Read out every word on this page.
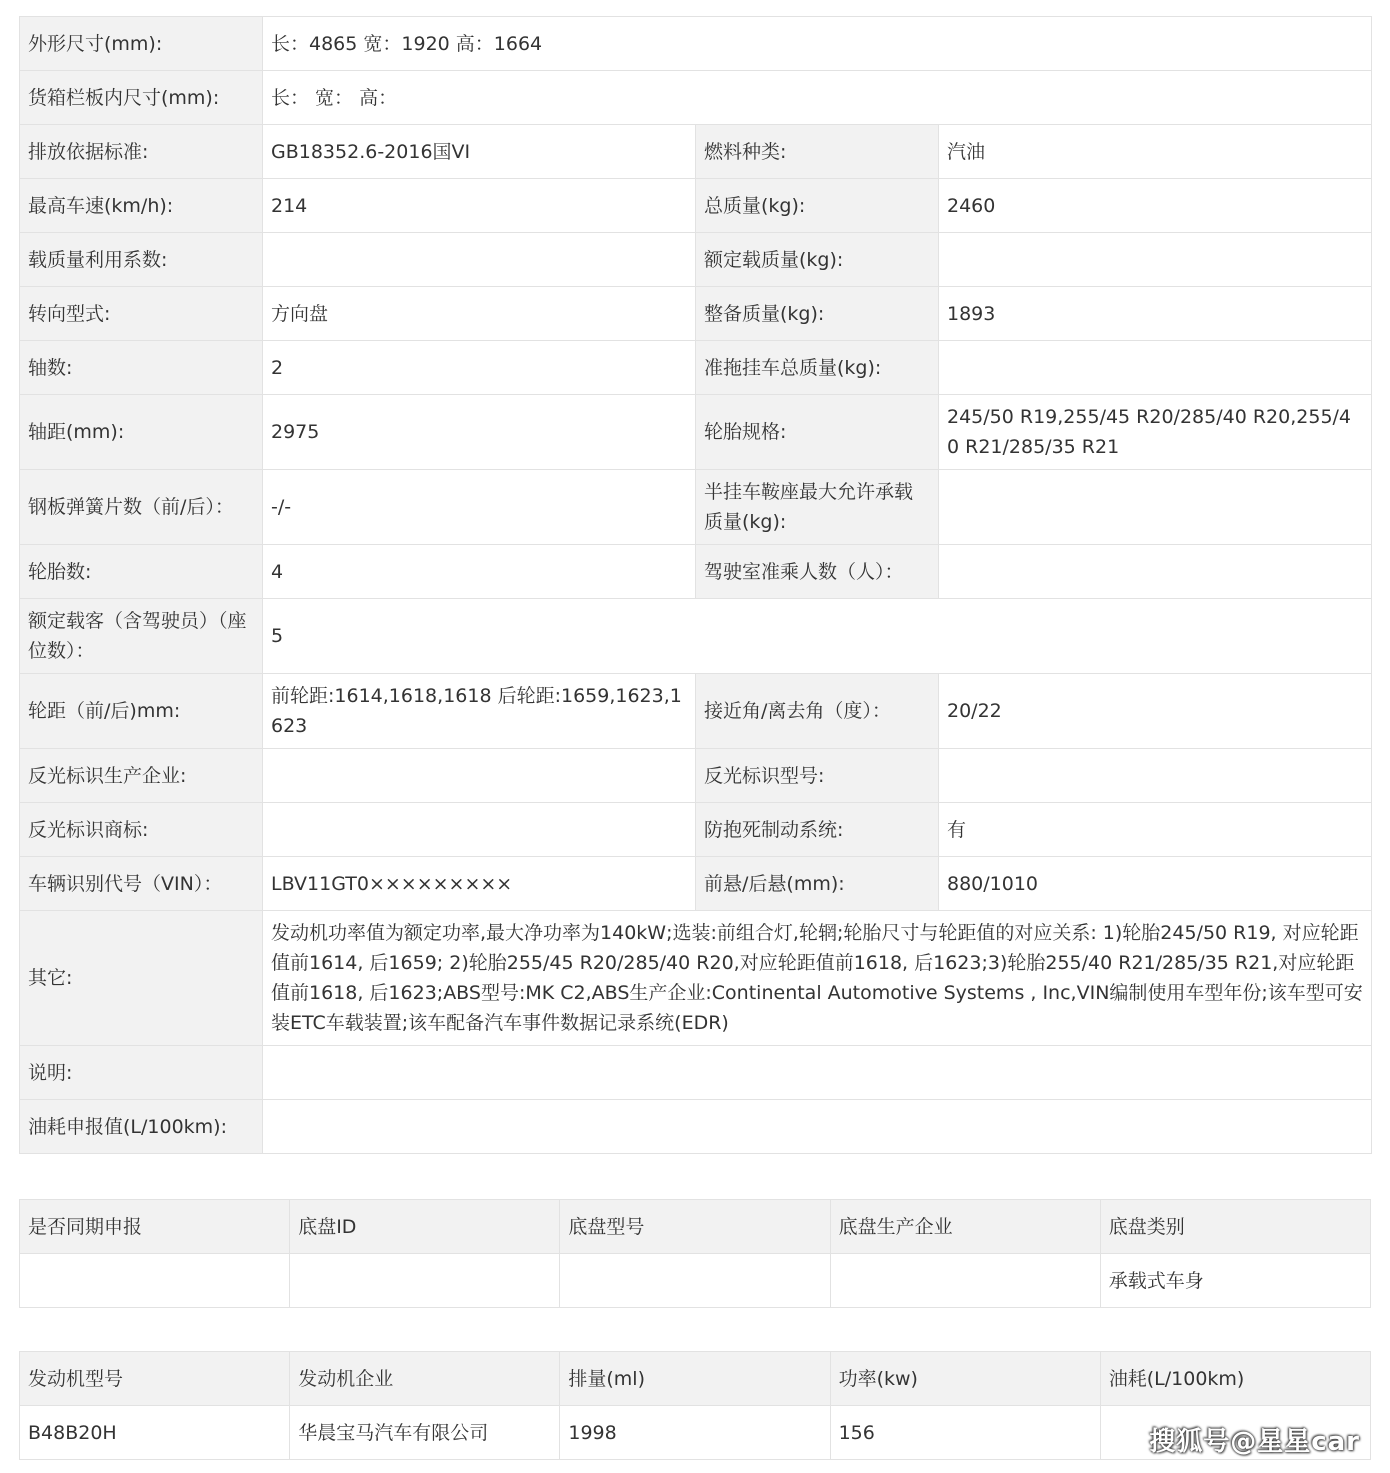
外形尺寸(mm):	长：4865 宽：1920 高：1664		
货箱栏板内尺寸(mm):	长： 宽： 高：		
排放依据标准:	GB18352.6-2016国VI	燃料种类:	汽油
最高车速(km/h):	214	总质量(kg):	2460
载质量利用系数:		额定载质量(kg):	
转向型式:	方向盘	整备质量(kg):	1893
轴数:	2	准拖挂车总质量(kg):	
轴距(mm):	2975	轮胎规格:	245/50 R19,255/45 R20/285/40 R20,255/40 R21/285/35 R21
钢板弹簧片数（前/后）：	-/-	半挂车鞍座最大允许承载质量(kg):	
轮胎数:	4	驾驶室准乘人数（人）：	
额定载客（含驾驶员）（座位数）：	5		
轮距（前/后)mm:	前轮距:1614,1618,1618 后轮距:1659,1623,1623	接近角/离去角（度）：	20/22
反光标识生产企业:		反光标识型号:	
反光标识商标:		防抱死制动系统:	有
车辆识别代号（VIN）：	LBV11GT0×××××××××	前悬/后悬(mm):	880/1010
其它:	发动机功率值为额定功率,最大净功率为140kW;选装:前组合灯,轮辋;轮胎尺寸与轮距值的对应关系: 1)轮胎245/50 R19, 对应轮距值前1614, 后1659; 2)轮胎255/45 R20/285/40 R20,对应轮距值前1618, 后1623;3)轮胎255/40 R21/285/35 R21,对应轮距值前1618, 后1623;ABS型号:MK C2,ABS生产企业:Continental Automotive Systems , Inc,VIN编制使用车型年份;该车型可安装ETC车载装置;该车配备汽车事件数据记录系统(EDR)		
说明:			
油耗申报值(L/100km):			
是否同期申报	底盘ID	底盘型号	底盘生产企业	底盘类别
				承载式车身
发动机型号	发动机企业	排量(ml)	功率(kw)	油耗(L/100km)
B48B20H	华晨宝马汽车有限公司	1998	156		搜狐号@星星car
